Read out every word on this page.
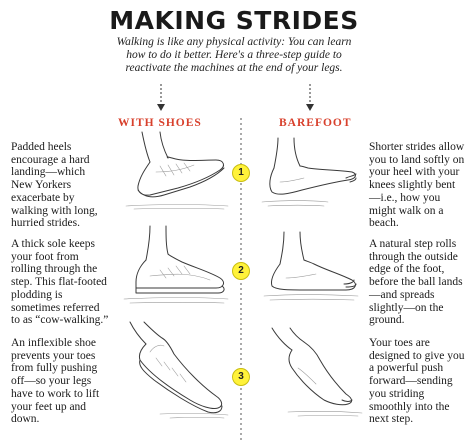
MAKING STRIDES
Walking is like any physical activity: You can learn how to do it better. Here's a three-step guide to reactivate the machines at the end of your legs.
WITH SHOES	BAREFOOT
1
2
3
Padded heels encourage a hard landing—which New Yorkers exacerbate by walking with long, hurried strides.
A thick sole keeps your foot from rolling through the step. This flat-footed plodding is sometimes referred to as “cow-walking.”
An inflexible shoe prevents your toes from fully pushing off—so your legs have to work to lift your feet up and down.
Shorter strides allow you to land softly on your heel with your knees slightly bent—i.e., how you might walk on a beach.
A natural step rolls through the outside edge of the foot, before the ball lands—and spreads slightly—on the ground.
Your toes are designed to give you a powerful push forward—sending you striding smoothly into the next step.
